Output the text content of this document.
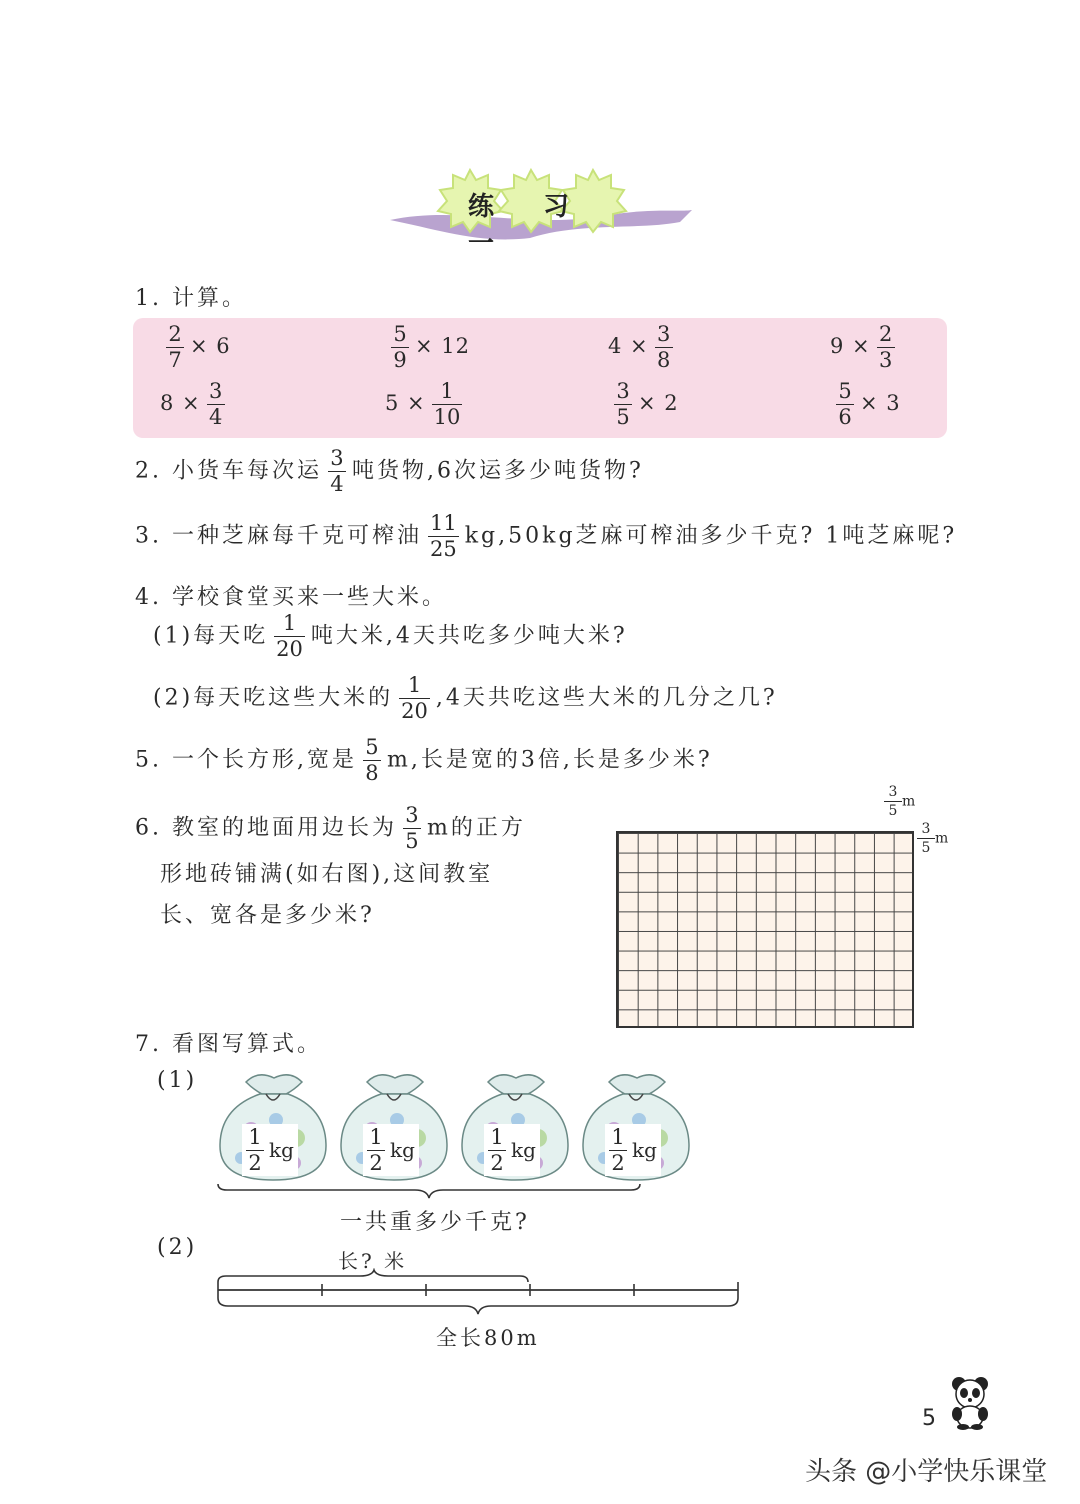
练 习 一
1. 计算。
$\frac{2}{7} \times 6$	$\frac{5}{9} \times 12$	$4 \times \frac{3}{8}$	$9 \times \frac{2}{3}$
$8 \times \frac{3}{4}$	$5 \times \frac{1}{10}$	$\frac{3}{5} \times 2$	$\frac{5}{6} \times 3$
2. 小货车每次运 $\frac{3}{4}$ 吨货物,6次运多少吨货物?
3. 一种芝麻每千克可榨油 $\frac{11}{25} kg,50kg$芝麻可榨油多少千克? 1吨芝麻呢?
4. 学校食堂买来一些大米。
(1)每天吃 $\frac{1}{20}$ 吨大米,4天共吃多少吨大米?
(2)每天吃这些大米的 $\frac{1}{20} ,4$天共吃这些大米的几分之几?
5. 一个长方形,宽是 $\frac{5}{8} m$,长是宽的3倍,长是多少米?
6. 教室的地面用边长为 $\frac{3}{5}$ m的正方
形地砖铺满(如右图),这间教室
长、宽各是多少米?
$\frac{3}{5}$ m
$\frac{3}{5}$ m
7. 看图写算式。
(1)
$\frac{1}{2}$ kg	$\frac{1}{2}$ kg	$\frac{1}{2}$ kg	$\frac{1}{2}$ kg
一共重多少千克?
(2)
长? 米
全长80m
5
头条 @小学快乐课堂
